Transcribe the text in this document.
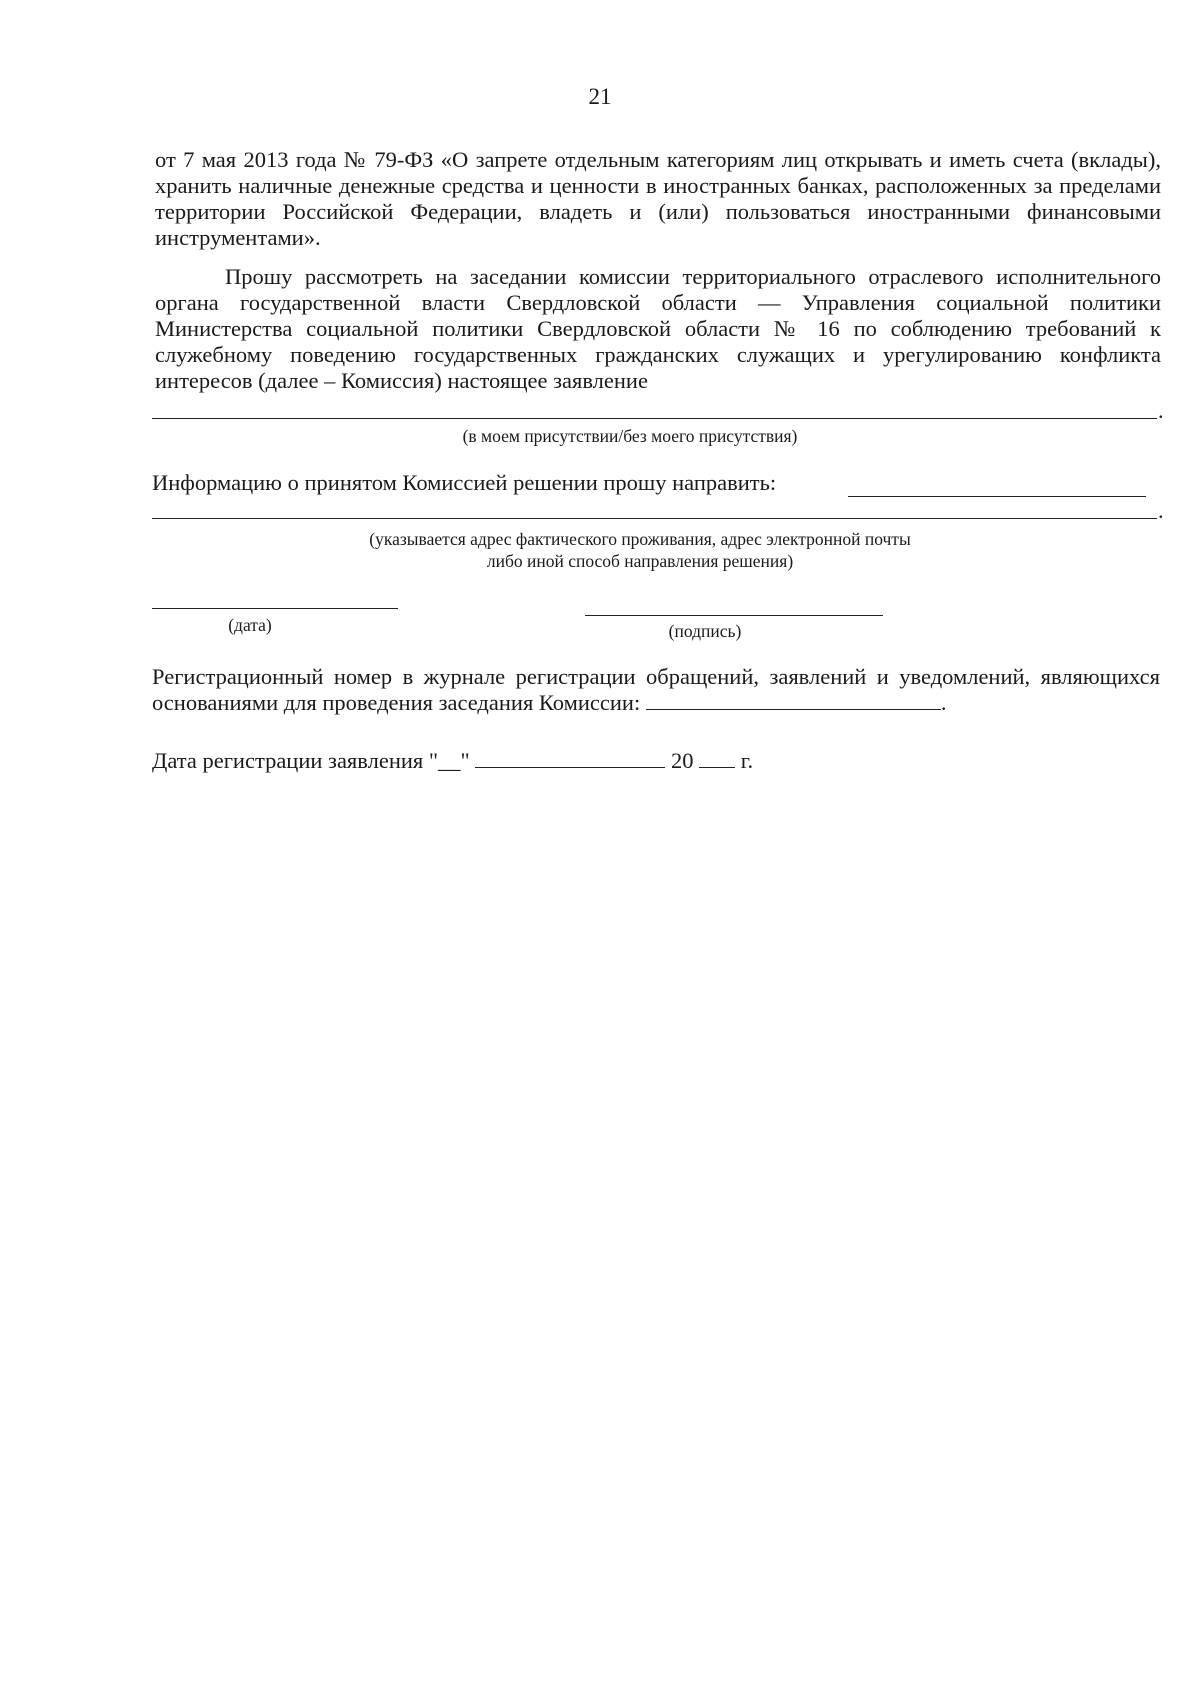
21
от 7 мая 2013 года № 79-ФЗ «О запрете отдельным категориям лиц открывать и иметь счета (вклады), хранить наличные денежные средства и ценности в иностранных банках, расположенных за пределами территории Российской Федерации, владеть и (или) пользоваться иностранными финансовыми инструментами».
Прошу рассмотреть на заседании комиссии территориального отраслевого исполнительного органа государственной власти Свердловской области — Управления социальной политики Министерства социальной политики Свердловской области № 16 по соблюдению требований к служебному поведению государственных гражданских служащих и урегулированию конфликта интересов (далее – Комиссия) настоящее заявление
.
(в моем присутствии/без моего присутствия)
Информацию о принятом Комиссией решении прошу направить:
.
(указывается адрес фактического проживания, адрес электронной почты
либо иной способ направления решения)
(дата)	(подпись)
Регистрационный номер в журнале регистрации обращений, заявлений и уведомлений, являющихся основаниями для проведения заседания Комиссии:	.
Дата регистрации заявления "__"	20 г.
